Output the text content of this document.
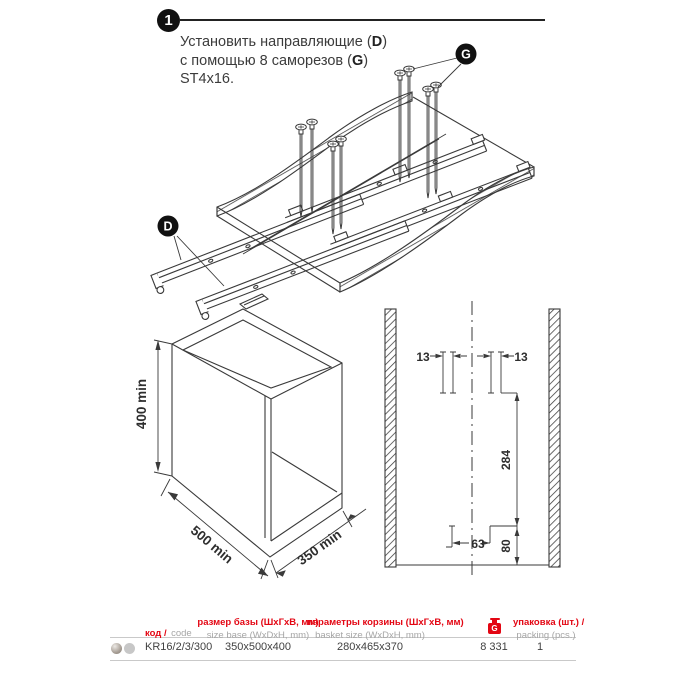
1
Установить направляющие (D)
с помощью 8 саморезов (G)
ST4x16.
D
G
400 min
500 min	350 min
13	13
284
63 80
код / code
размер базы (ШхГхВ, мм)
size base (WxDxH, mm)
параметры корзины (ШхГхВ, мм)
basket size (WxDxH, mm)
G	упаковка (шт.) /
packing (pcs.)
KR16/2/3/300	350x500x400	280x465x370	8 331	1
